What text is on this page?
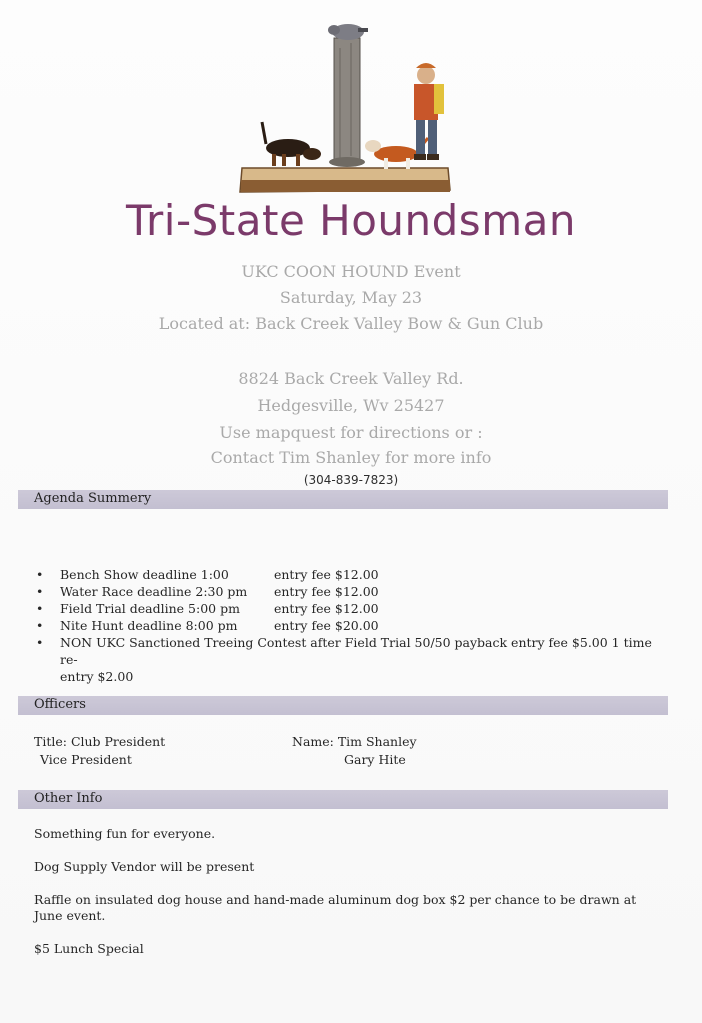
Tri-State Houndsman
UKC COON HOUND Event
Saturday, May 23
Located at: Back Creek Valley Bow & Gun Club
8824 Back Creek Valley Rd.
Hedgesville, Wv 25427
Use mapquest for directions or :
Contact Tim Shanley for more info
(304-839-7823)
Agenda Summery
• Bench Show deadline 1:00	entry fee $12.00
• Water Race deadline 2:30 pm entry fee $12.00
• Field Trial deadline 5:00 pm	entry fee $12.00
• Nite Hunt deadline 8:00 pm	entry fee $20.00
• NON UKC Sanctioned Treeing Contest after Field Trial 50/50 payback entry fee $5.00 1 time re-
entry $2.00
Officers
Title: Club President	Name: Tim Shanley
Vice President	Gary Hite
Other Info

Something fun for everyone.

Dog Supply Vendor will be present

Raffle on insulated dog house and hand-made aluminum dog box $2 per chance to be drawn at June event.

$5 Lunch Special
